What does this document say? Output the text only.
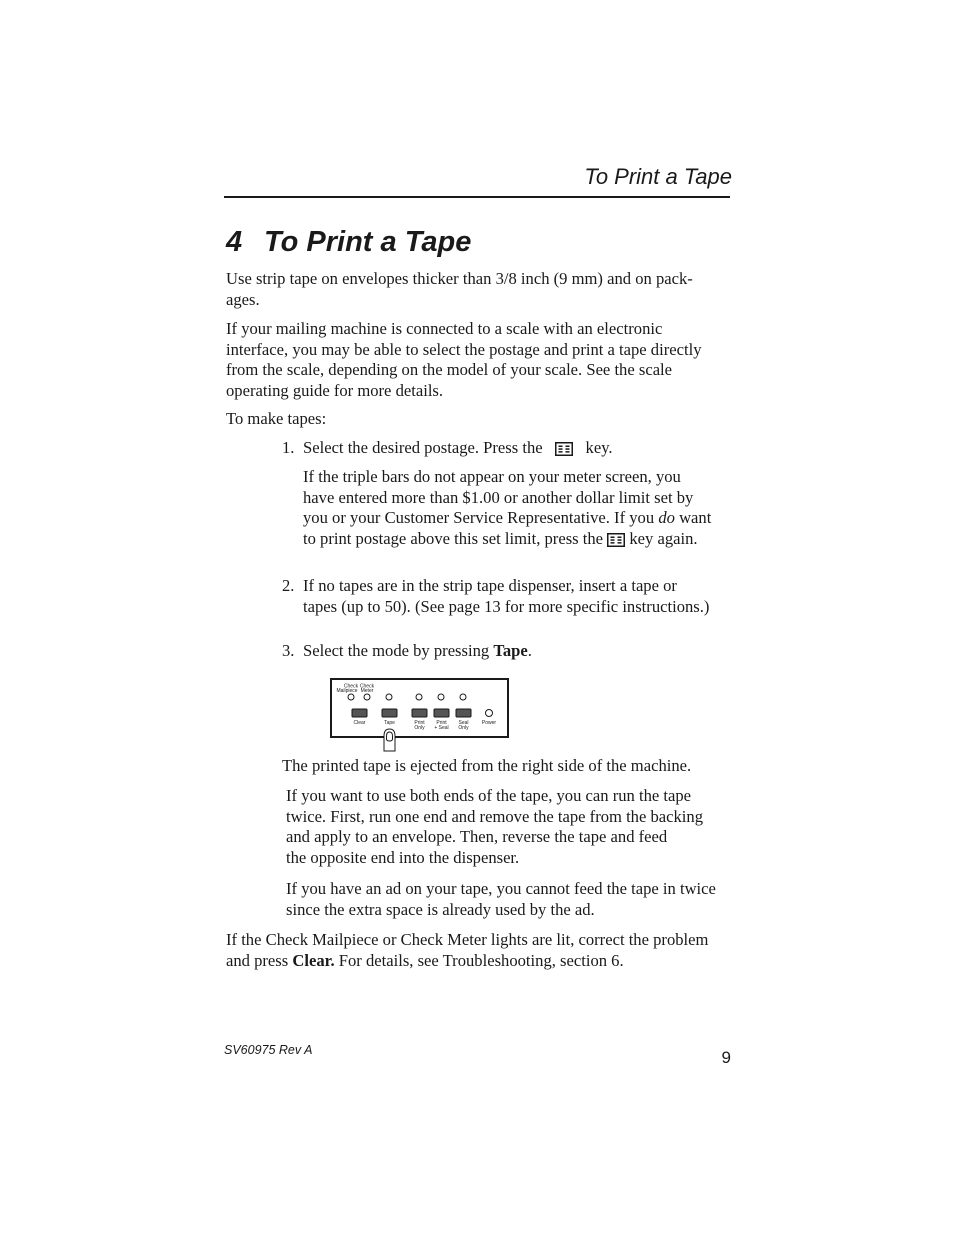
To Print a Tape
4 To Print a Tape

Use strip tape on envelopes thicker than 3/8 inch (9 mm) and on pack-

ages.

If your mailing machine is connected to a scale with an electronic

interface, you may be able to select the postage and print a tape directly

from the scale, depending on the model of your scale. See the scale

operating guide for more details.

To make tapes:

1. Select the desired postage. Press the	key.

If the triple bars do not appear on your meter screen, you

have entered more than $1.00 or another dollar limit set by

you or your Customer Service Representative. If you do want

to print postage above this set limit, press the key again.

2. If no tapes are in the strip tape dispenser, insert a tape or

tapes (up to 50). (See page 13 for more specific instructions.)

3. Select the mode by pressing Tape.

Check
Mailpiece
Check
Meter
Clear	Tape	Print
Only
Print
+ Seal
Seal
Only
Power

The printed tape is ejected from the right side of the machine.

If you want to use both ends of the tape, you can run the tape

twice. First, run one end and remove the tape from the backing

and apply to an envelope. Then, reverse the tape and feed

the opposite end into the dispenser.

If you have an ad on your tape, you cannot feed the tape in twice

since the extra space is already used by the ad.

If the Check Mailpiece or Check Meter lights are lit, correct the problem

and press Clear. For details, see Troubleshooting, section 6.

SV60975 Rev A	9
